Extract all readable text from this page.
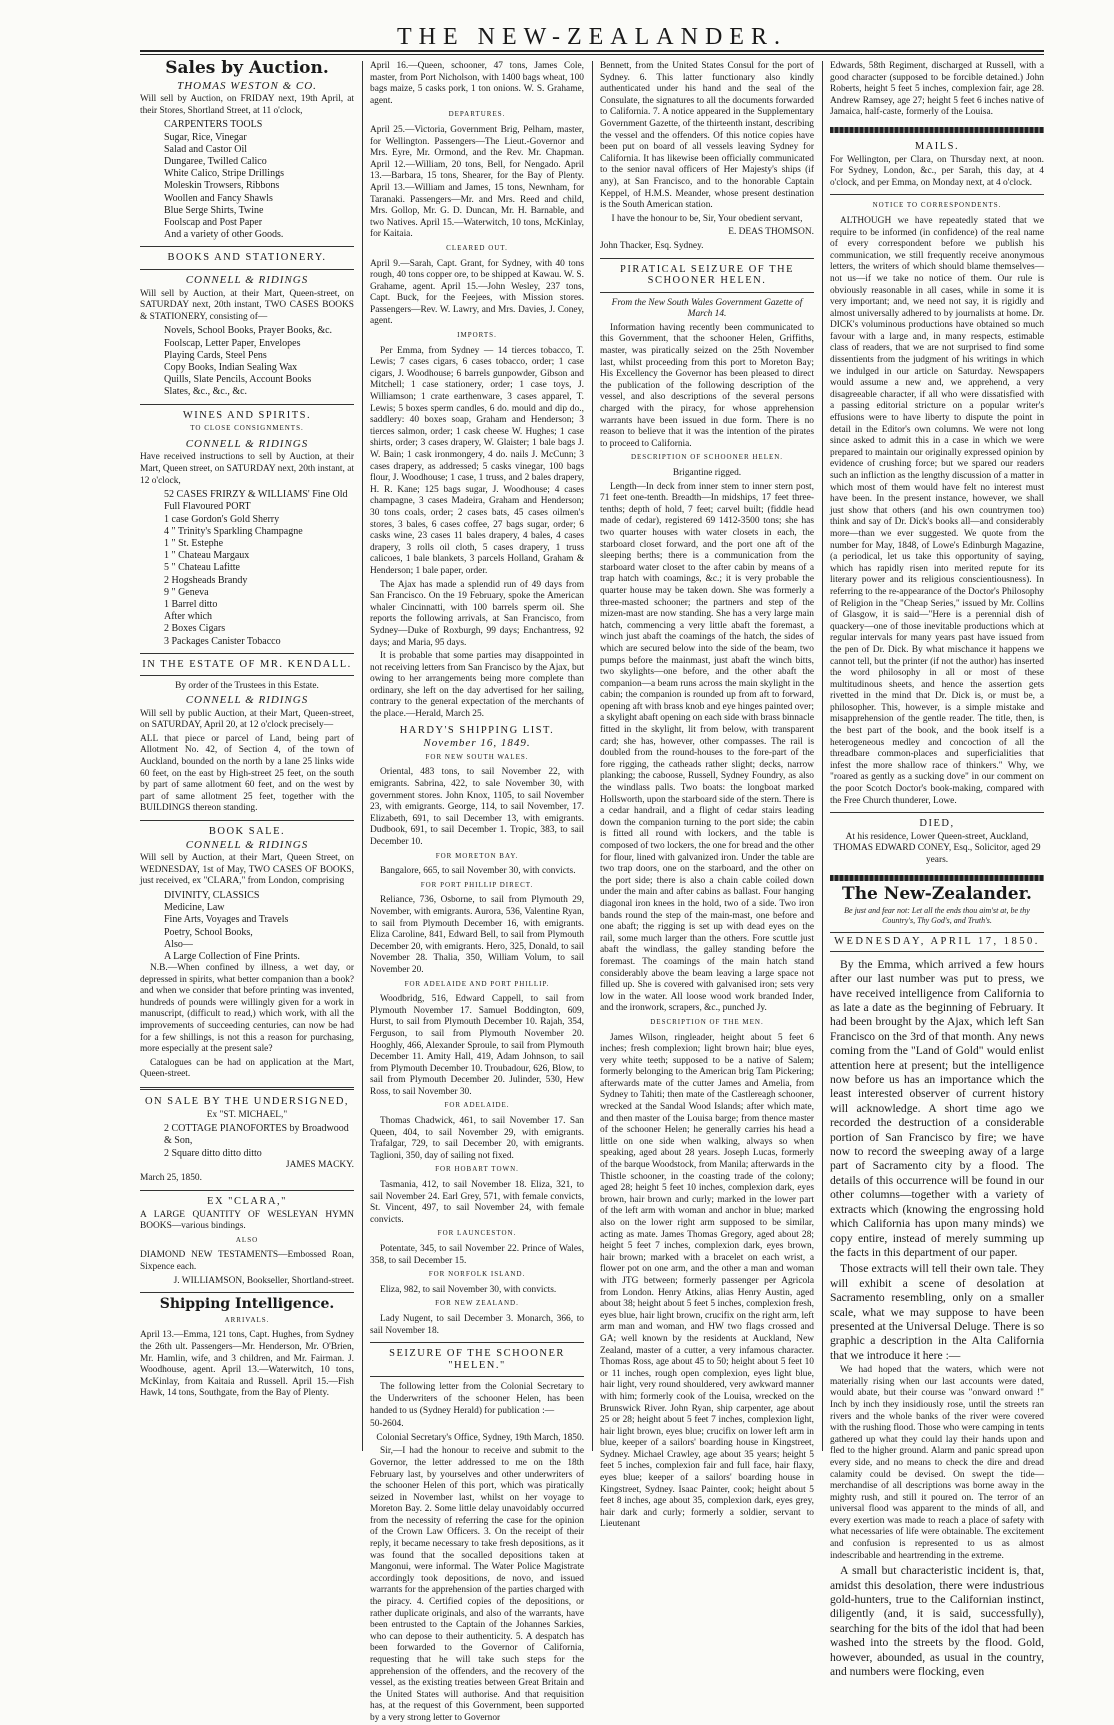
THE NEW-ZEALANDER.
Sales by Auction.
THOMAS WESTON & CO.
Will sell by Auction, on FRIDAY next, 19th April, at their Stores, Shortland Street, at 11 o'clock,
CARPENTERS TOOLS
Sugar, Rice, Vinegar
Salad and Castor Oil
Dungaree, Twilled Calico
White Calico, Stripe Drillings
Moleskin Trowsers, Ribbons
Woollen and Fancy Shawls
Blue Serge Shirts, Twine
Foolscap and Post Paper
And a variety of other Goods.
BOOKS AND STATIONERY.
CONNELL & RIDINGS
Will sell by Auction, at their Mart, Queen-street, on SATURDAY next, 20th instant, TWO CASES BOOKS & STATIONERY, consisting of—
Novels, School Books, Prayer Books, &c.
Foolscap, Letter Paper, Envelopes
Playing Cards, Steel Pens
Copy Books, Indian Sealing Wax
Quills, Slate Pencils, Account Books
Slates, &c., &c., &c.
WINES AND SPIRITS.
TO CLOSE CONSIGNMENTS.
CONNELL & RIDINGS
Have received instructions to sell by Auction, at their Mart, Queen street, on SATURDAY next, 20th instant, at 12 o'clock,
52 CASES FRIRZY & WILLIAMS' Fine Old Full Flavoured PORT
1 case Gordon's Gold Sherry
4 " Trinity's Sparkling Champagne
1 " St. Estephe
1 " Chateau Margaux
5 " Chateau Lafitte
2 Hogsheads Brandy
9 " Geneva
1 Barrel ditto
After which
2 Boxes Cigars
3 Packages Canister Tobacco
IN THE ESTATE OF MR. KENDALL.
By order of the Trustees in this Estate.
CONNELL & RIDINGS
Will sell by public Auction, at their Mart, Queen-street, on SATURDAY, April 20, at 12 o'clock precisely—
ALL that piece or parcel of Land, being part of Allotment No. 42, of Section 4, of the town of Auckland, bounded on the north by a lane 25 links wide 60 feet, on the east by High-street 25 feet, on the south by part of same allotment 60 feet, and on the west by part of same allotment 25 feet, together with the BUILDINGS thereon standing.
BOOK SALE.
CONNELL & RIDINGS
Will sell by Auction, at their Mart, Queen Street, on WEDNESDAY, 1st of May, TWO CASES OF BOOKS, just received, ex "CLARA," from London, comprising
DIVINITY, CLASSICS
Medicine, Law
Fine Arts, Voyages and Travels
Poetry, School Books,
Also—
A Large Collection of Fine Prints.
N.B.—When confined by illness, a wet day, or depressed in spirits, what better companion than a book? and when we consider that before printing was invented, hundreds of pounds were willingly given for a work in manuscript, (difficult to read,) which work, with all the improvements of succeeding centuries, can now be had for a few shillings, is not this a reason for purchasing, more especially at the present sale?
Catalogues can be had on application at the Mart, Queen-street.
ON SALE BY THE UNDERSIGNED,
Ex "ST. MICHAEL,"
2 COTTAGE PIANOFORTES by Broadwood & Son,
2 Square ditto ditto ditto
JAMES MACKY.
March 25, 1850.
EX "CLARA,"
A LARGE QUANTITY OF WESLEYAN HYMN BOOKS—various bindings.
ALSO
DIAMOND NEW TESTAMENTS—Embossed Roan, Sixpence each.
J. WILLIAMSON, Bookseller, Shortland-street.
Shipping Intelligence.
ARRIVALS.
April 13.—Emma, 121 tons, Capt. Hughes, from Sydney the 26th ult. Passengers—Mr. Henderson, Mr. O'Brien, Mr. Hamlin, wife, and 3 children, and Mr. Fairman. J. Woodhouse, agent. April 13.—Waterwitch, 10 tons, McKinlay, from Kaitaia and Russell. April 15.—Fish Hawk, 14 tons, Southgate, from the Bay of Plenty.
April 16.—Queen, schooner, 47 tons, James Cole, master, from Port Nicholson, with 1400 bags wheat, 100 bags maize, 5 casks pork, 1 ton onions. W. S. Grahame, agent.
DEPARTURES.
April 25.—Victoria, Government Brig, Pelham, master, for Wellington. Passengers—The Lieut.-Governor and Mrs. Eyre, Mr. Ormond, and the Rev. Mr. Chapman. April 12.—William, 20 tons, Bell, for Nengado. April 13.—Barbara, 15 tons, Shearer, for the Bay of Plenty. April 13.—William and James, 15 tons, Newnham, for Taranaki. Passengers—Mr. and Mrs. Reed and child, Mrs. Gollop, Mr. G. D. Duncan, Mr. H. Barnable, and two Natives. April 15.—Waterwitch, 10 tons, McKinlay, for Kaitaia.
CLEARED OUT.
April 9.—Sarah, Capt. Grant, for Sydney, with 40 tons rough, 40 tons copper ore, to be shipped at Kawau. W. S. Grahame, agent. April 15.—John Wesley, 237 tons, Capt. Buck, for the Feejees, with Mission stores. Passengers—Rev. W. Lawry, and Mrs. Davies, J. Coney, agent.
IMPORTS.
Per Emma, from Sydney — 14 tierces tobacco, T. Lewis; 7 cases cigars, 6 cases tobacco, order; 1 case cigars, J. Woodhouse; 6 barrels gunpowder, Gibson and Mitchell; 1 case stationery, order; 1 case toys, J. Williamson; 1 crate earthenware, 3 cases apparel, T. Lewis; 5 boxes sperm candles, 6 do. mould and dip do., saddlery: 40 boxes soap, Graham and Henderson; 3 tierces salmon, order; 1 cask cheese W. Hughes; 1 case shirts, order; 3 cases drapery, W. Glaister; 1 bale bags J. W. Bain; 1 cask ironmongery, 4 do. nails J. McCunn; 3 cases drapery, as addressed; 5 casks vinegar, 100 bags flour, J. Woodhouse; 1 case, 1 truss, and 2 bales drapery, H. R. Kane; 125 bags sugar, J. Woodhouse; 4 cases champagne, 3 cases Madeira, Graham and Henderson; 30 tons coals, order; 2 cases bats, 45 cases oilmen's stores, 3 bales, 6 cases coffee, 27 bags sugar, order; 6 casks wine, 23 cases 11 bales drapery, 4 bales, 4 cases drapery, 3 rolls oil cloth, 5 cases drapery, 1 truss calicoes, 1 bale blankets, 3 parcels Holland, Graham & Henderson; 1 bale paper, order.
The Ajax has made a splendid run of 49 days from San Francisco. On the 19 February, spoke the American whaler Cincinnatti, with 100 barrels sperm oil. She reports the following arrivals, at San Francisco, from Sydney—Duke of Roxburgh, 99 days; Enchantress, 92 days; and Maria, 95 days.
It is probable that some parties may disappointed in not receiving letters from San Francisco by the Ajax, but owing to her arrangements being more complete than ordinary, she left on the day advertised for her sailing, contrary to the general expectation of the merchants of the place.—Herald, March 25.
HARDY'S SHIPPING LIST.
November 16, 1849.
FOR NEW SOUTH WALES.
Oriental, 483 tons, to sail November 22, with emigrants. Sabrina, 422, to sale November 30, with government stores. John Knox, 1105, to sail November 23, with emigrants. George, 114, to sail November, 17. Elizabeth, 691, to sail December 13, with emigrants. Dudbook, 691, to sail December 1. Tropic, 383, to sail December 10.
FOR MORETON BAY.
Bangalore, 665, to sail November 30, with convicts.
FOR PORT PHILLIP DIRECT.
Reliance, 736, Osborne, to sail from Plymouth 29, November, with emigrants. Aurora, 536, Valentine Ryan, to sail from Plymouth December 16, with emigrants. Eliza Caroline, 841, Edward Bell, to sail from Plymouth December 20, with emigrants. Hero, 325, Donald, to sail November 28. Thalia, 350, William Volum, to sail November 20.
FOR ADELAIDE AND PORT PHILLIP.
Woodbridg, 516, Edward Cappell, to sail from Plymouth November 17. Samuel Boddington, 609, Hurst, to sail from Plymouth December 10. Rajah, 354, Ferguson, to sail from Plymouth November 20. Hooghly, 466, Alexander Sproule, to sail from Plymouth December 11. Amity Hall, 419, Adam Johnson, to sail from Plymouth December 10. Troubadour, 626, Blow, to sail from Plymouth December 20. Julinder, 530, Hew Ross, to sail November 30.
FOR ADELAIDE.
Thomas Chadwick, 461, to sail November 17. San Queen, 404, to sail November 29, with emigrants. Trafalgar, 729, to sail December 20, with emigrants. Taglioni, 350, day of sailing not fixed.
FOR HOBART TOWN.
Tasmania, 412, to sail November 18. Eliza, 321, to sail November 24. Earl Grey, 571, with female convicts, St. Vincent, 497, to sail November 24, with female convicts.
FOR LAUNCESTON.
Potentate, 345, to sail November 22. Prince of Wales, 358, to sail December 15.
FOR NORFOLK ISLAND.
Eliza, 982, to sail November 30, with convicts.
FOR NEW ZEALAND.
Lady Nugent, to sail December 3. Monarch, 366, to sail November 18.
SEIZURE OF THE SCHOONER "HELEN."
The following letter from the Colonial Secretary to the Underwriters of the schooner Helen, has been handed to us (Sydney Herald) for publication :—
50-2604.
Colonial Secretary's Office, Sydney, 19th March, 1850.
Sir,—I had the honour to receive and submit to the Governor, the letter addressed to me on the 18th February last, by yourselves and other underwriters of the schooner Helen of this port, which was piratically seized in November last, whilst on her voyage to Moreton Bay. 2. Some little delay unavoidably occurred from the necessity of referring the case for the opinion of the Crown Law Officers. 3. On the receipt of their reply, it became necessary to take fresh depositions, as it was found that the socalled depositions taken at Mangonui, were informal. The Water Police Magistrate accordingly took depositions, de novo, and issued warrants for the apprehension of the parties charged with the piracy. 4. Certified copies of the depositions, or rather duplicate originals, and also of the warrants, have been entrusted to the Captain of the Johannes Sarkies, who can depose to their authenticity. 5. A despatch has been forwarded to the Governor of California, requesting that he will take such steps for the apprehension of the offenders, and the recovery of the vessel, as the existing treaties between Great Britain and the United States will authorise. And that requisition has, at the request of this Government, been supported by a very strong letter to Governor
Bennett, from the United States Consul for the port of Sydney. 6. This latter functionary also kindly authenticated under his hand and the seal of the Consulate, the signatures to all the documents forwarded to California. 7. A notice appeared in the Supplementary Government Gazette, of the thirteenth instant, describing the vessel and the offenders. Of this notice copies have been put on board of all vessels leaving Sydney for California. It has likewise been officially communicated to the senior naval officers of Her Majesty's ships (if any), at San Francisco, and to the honorable Captain Keppel, of H.M.S. Meander, whose present destination is the South American station.
I have the honour to be, Sir, Your obedient servant,
E. DEAS THOMSON.
John Thacker, Esq. Sydney.
PIRATICAL SEIZURE OF THE SCHOONER HELEN.
From the New South Wales Government Gazette of March 14.
Information having recently been communicated to this Government, that the schooner Helen, Griffiths, master, was piratically seized on the 25th November last, whilst proceeding from this port to Moreton Bay; His Excellency the Governor has been pleased to direct the publication of the following description of the vessel, and also descriptions of the several persons charged with the piracy, for whose apprehension warrants have been issued in due form. There is no reason to believe that it was the intention of the pirates to proceed to California.
DESCRIPTION OF SCHOONER HELEN.
Brigantine rigged.
Length—In deck from inner stem to inner stern post, 71 feet one-tenth. Breadth—In midships, 17 feet three-tenths; depth of hold, 7 feet; carvel built; (fiddle head made of cedar), registered 69 1412-3500 tons; she has two quarter houses with water closets in each, the starboard closet forward, and the port one aft of the sleeping berths; there is a communication from the starboard water closet to the after cabin by means of a trap hatch with coamings, &c.; it is very probable the quarter house may be taken down. She was formerly a three-masted schooner; the partners and step of the mizen-mast are now standing. She has a very large main hatch, commencing a very little abaft the foremast, a winch just abaft the coamings of the hatch, the sides of which are secured below into the side of the beam, two pumps before the mainmast, just abaft the winch bitts, two skylights—one before, and the other abaft the companion—a beam runs across the main skylight in the cabin; the companion is rounded up from aft to forward, opening aft with brass knob and eye hinges painted over; a skylight abaft opening on each side with brass binnacle fitted in the skylight, lit from below, with transparent card; she has, however, other compasses. The rail is doubled from the round-houses to the fore-part of the fore rigging, the catheads rather slight; decks, narrow planking; the caboose, Russell, Sydney Foundry, as also the windlass palls. Two boats: the longboat marked Hollsworth, upon the starboard side of the stern. There is a cedar handrail, and a flight of cedar stairs leading down the companion turning to the port side; the cabin is fitted all round with lockers, and the table is composed of two lockers, the one for bread and the other for flour, lined with galvanized iron. Under the table are two trap doors, one on the starboard, and the other on the port side; there is also a chain cable coiled down under the main and after cabins as ballast. Four hanging diagonal iron knees in the hold, two of a side. Two iron bands round the step of the main-mast, one before and one abaft; the rigging is set up with dead eyes on the rail, some much larger than the others. Fore scuttle just abaft the windlass, the galley standing before the foremast. The coamings of the main hatch stand considerably above the beam leaving a large space not filled up. She is covered with galvanised iron; sets very low in the water. All loose wood work branded Inder, and the ironwork, scrapers, &c., punched Jy.
DESCRIPTION OF THE MEN.
James Wilson, ringleader, height about 5 feet 6 inches; fresh complexion; light brown hair; blue eyes, very white teeth; supposed to be a native of Salem; formerly belonging to the American brig Tam Pickering; afterwards mate of the cutter James and Amelia, from Sydney to Tahiti; then mate of the Castlereagh schooner, wrecked at the Sandal Wood Islands; after which mate, and then master of the Louisa barge; from thence master of the schooner Helen; he generally carries his head a little on one side when walking, always so when speaking, aged about 28 years. Joseph Lucas, formerly of the barque Woodstock, from Manila; afterwards in the Thistle schooner, in the coasting trade of the colony; aged 28; height 5 feet 10 inches, complexion dark, eyes brown, hair brown and curly; marked in the lower part of the left arm with woman and anchor in blue; marked also on the lower right arm supposed to be similar, acting as mate. James Thomas Gregory, aged about 28; height 5 feet 7 inches, complexion dark, eyes brown, hair brown; marked with a bracelet on each wrist, a flower pot on one arm, and the other a man and woman with JTG between; formerly passenger per Agricola from London. Henry Atkins, alias Henry Austin, aged about 38; height about 5 feet 5 inches, complexion fresh, eyes blue, hair light brown, crucifix on the right arm, left arm man and woman, and HW two flags crossed and GA; well known by the residents at Auckland, New Zealand, master of a cutter, a very infamous character. Thomas Ross, age about 45 to 50; height about 5 feet 10 or 11 inches, rough open complexion, eyes light blue, hair light, very round shouldered, very awkward manner with him; formerly cook of the Louisa, wrecked on the Brunswick River. John Ryan, ship carpenter, age about 25 or 28; height about 5 feet 7 inches, complexion light, hair light brown, eyes blue; crucifix on lower left arm in blue, keeper of a sailors' boarding house in Kingstreet, Sydney. Michael Crawley, age about 35 years; height 5 feet 5 inches, complexion fair and full face, hair flaxy, eyes blue; keeper of a sailors' boarding house in Kingstreet, Sydney. Isaac Painter, cook; height about 5 feet 8 inches, age about 35, complexion dark, eyes grey, hair dark and curly; formerly a soldier, servant to Lieutenant
Edwards, 58th Regiment, discharged at Russell, with a good character (supposed to be forcible detained.) John Roberts, height 5 feet 5 inches, complexion fair, age 28. Andrew Ramsey, age 27; height 5 feet 6 inches native of Jamaica, half-caste, formerly of the Louisa.
MAILS.
For Wellington, per Clara, on Thursday next, at noon. For Sydney, London, &c., per Sarah, this day, at 4 o'clock, and per Emma, on Monday next, at 4 o'clock.
NOTICE TO CORRESPONDENTS.
ALTHOUGH we have repeatedly stated that we require to be informed (in confidence) of the real name of every correspondent before we publish his communication, we still frequently receive anonymous letters, the writers of which should blame themselves—not us—if we take no notice of them. Our rule is obviously reasonable in all cases, while in some it is very important; and, we need not say, it is rigidly and almost universally adhered to by journalists at home. Dr. DICK's voluminous productions have obtained so much favour with a large and, in many respects, estimable class of readers, that we are not surprised to find some dissentients from the judgment of his writings in which we indulged in our article on Saturday. Newspapers would assume a new and, we apprehend, a very disagreeable character, if all who were dissatisfied with a passing editorial stricture on a popular writer's effusions were to have liberty to dispute the point in detail in the Editor's own columns. We were not long since asked to admit this in a case in which we were prepared to maintain our originally expressed opinion by evidence of crushing force; but we spared our readers such an infliction as the lengthy discussion of a matter in which most of them would have felt no interest must have been. In the present instance, however, we shall just show that others (and his own countrymen too) think and say of Dr. Dick's books all—and considerably more—than we ever suggested. We quote from the number for May, 1848, of Lowe's Edinburgh Magazine, (a periodical, let us take this opportunity of saying, which has rapidly risen into merited repute for its literary power and its religious conscientiousness). In referring to the re-appearance of the Doctor's Philosophy of Religion in the "Cheap Series," issued by Mr. Collins of Glasgow, it is said—"Here is a perennial dish of quackery—one of those inevitable productions which at regular intervals for many years past have issued from the pen of Dr. Dick. By what mischance it happens we cannot tell, but the printer (if not the author) has inserted the word philosophy in all or most of these multitudinous sheets, and hence the assertion gets rivetted in the mind that Dr. Dick is, or must be, a philosopher. This, however, is a simple mistake and misapprehension of the gentle reader. The title, then, is the best part of the book, and the book itself is a heterogeneous medley and concoction of all the threadbare common-places and superficialities that infest the more shallow race of thinkers." Why, we "roared as gently as a sucking dove" in our comment on the poor Scotch Doctor's book-making, compared with the Free Church thunderer, Lowe.
DIED,
At his residence, Lower Queen-street, Auckland, THOMAS EDWARD CONEY, Esq., Solicitor, aged 29 years.
The New-Zealander.
Be just and fear not: Let all the ends thou aim'st at, be thy Country's, Thy God's, and Truth's.
WEDNESDAY, APRIL 17, 1850.
By the Emma, which arrived a few hours after our last number was put to press, we have received intelligence from California to as late a date as the beginning of February. It had been brought by the Ajax, which left San Francisco on the 3rd of that month. Any news coming from the "Land of Gold" would enlist attention here at present; but the intelligence now before us has an importance which the least interested observer of current history will acknowledge. A short time ago we recorded the destruction of a considerable portion of San Francisco by fire; we have now to record the sweeping away of a large part of Sacramento city by a flood. The details of this occurrence will be found in our other columns—together with a variety of extracts which (knowing the engrossing hold which California has upon many minds) we copy entire, instead of merely summing up the facts in this department of our paper.
Those extracts will tell their own tale. They will exhibit a scene of desolation at Sacramento resembling, only on a smaller scale, what we may suppose to have been presented at the Universal Deluge. There is so graphic a description in the Alta California that we introduce it here :—
We had hoped that the waters, which were not materially rising when our last accounts were dated, would abate, but their course was "onward onward !" Inch by inch they insidiously rose, until the streets ran rivers and the whole banks of the river were covered with the rushing flood. Those who were camping in tents gathered up what they could lay their hands upon and fled to the higher ground. Alarm and panic spread upon every side, and no means to check the dire and dread calamity could be devised. On swept the tide—merchandise of all descriptions was borne away in the mighty rush, and still it poured on. The terror of an universal flood was apparent to the minds of all, and every exertion was made to reach a place of safety with what necessaries of life were obtainable. The excitement and confusion is represented to us as almost indescribable and heartrending in the extreme.
A small but characteristic incident is, that, amidst this desolation, there were industrious gold-hunters, true to the Californian instinct, diligently (and, it is said, successfully), searching for the bits of the idol that had been washed into the streets by the flood. Gold, however, abounded, as usual in the country, and numbers were flocking, even
